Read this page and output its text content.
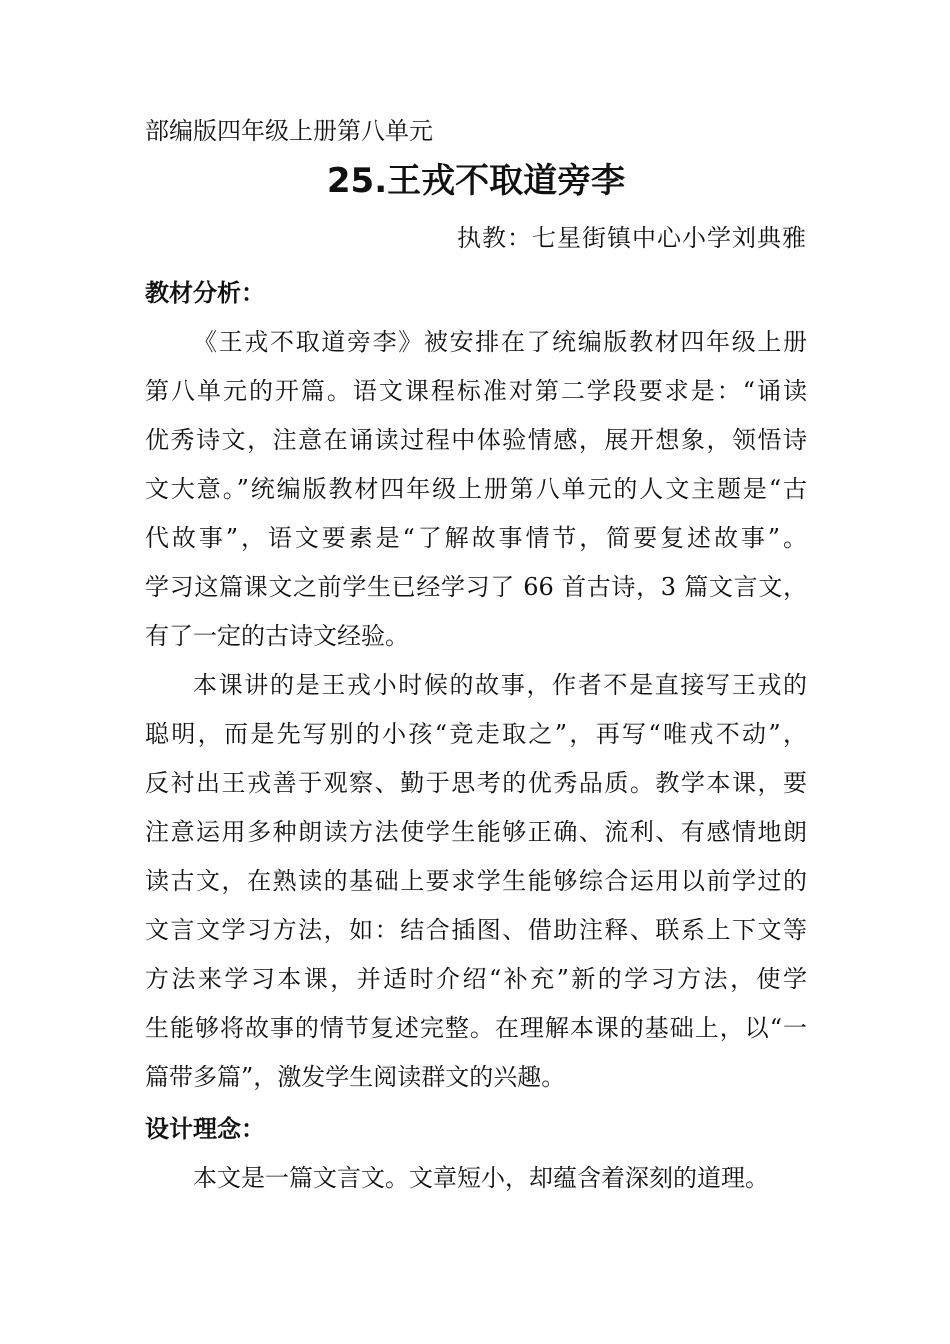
部编版四年级上册第八单元

25.王戎不取道旁李

执教：七星街镇中心小学刘典雅

教材分析：
《王戎不取道旁李》被安排在了统编版教材四年级上册
第八单元的开篇。语文课程标准对第二学段要求是：“诵读
优秀诗文，注意在诵读过程中体验情感，展开想象，领悟诗
文大意。”统编版教材四年级上册第八单元的人文主题是“古
代故事”，语文要素是“了解故事情节，简要复述故事”。
学习这篇课文之前学生已经学习了 66 首古诗，3 篇文言文，
有了一定的古诗文经验。
本课讲的是王戎小时候的故事，作者不是直接写王戎的
聪明，而是先写别的小孩“竞走取之”，再写“唯戎不动”，
反衬出王戎善于观察、勤于思考的优秀品质。教学本课，要
注意运用多种朗读方法使学生能够正确、流利、有感情地朗
读古文，在熟读的基础上要求学生能够综合运用以前学过的
文言文学习方法，如：结合插图、借助注释、联系上下文等
方法来学习本课，并适时介绍“补充”新的学习方法，使学
生能够将故事的情节复述完整。在理解本课的基础上，以“一
篇带多篇”，激发学生阅读群文的兴趣。
设计理念：
本文是一篇文言文。文章短小，却蕴含着深刻的道理。
